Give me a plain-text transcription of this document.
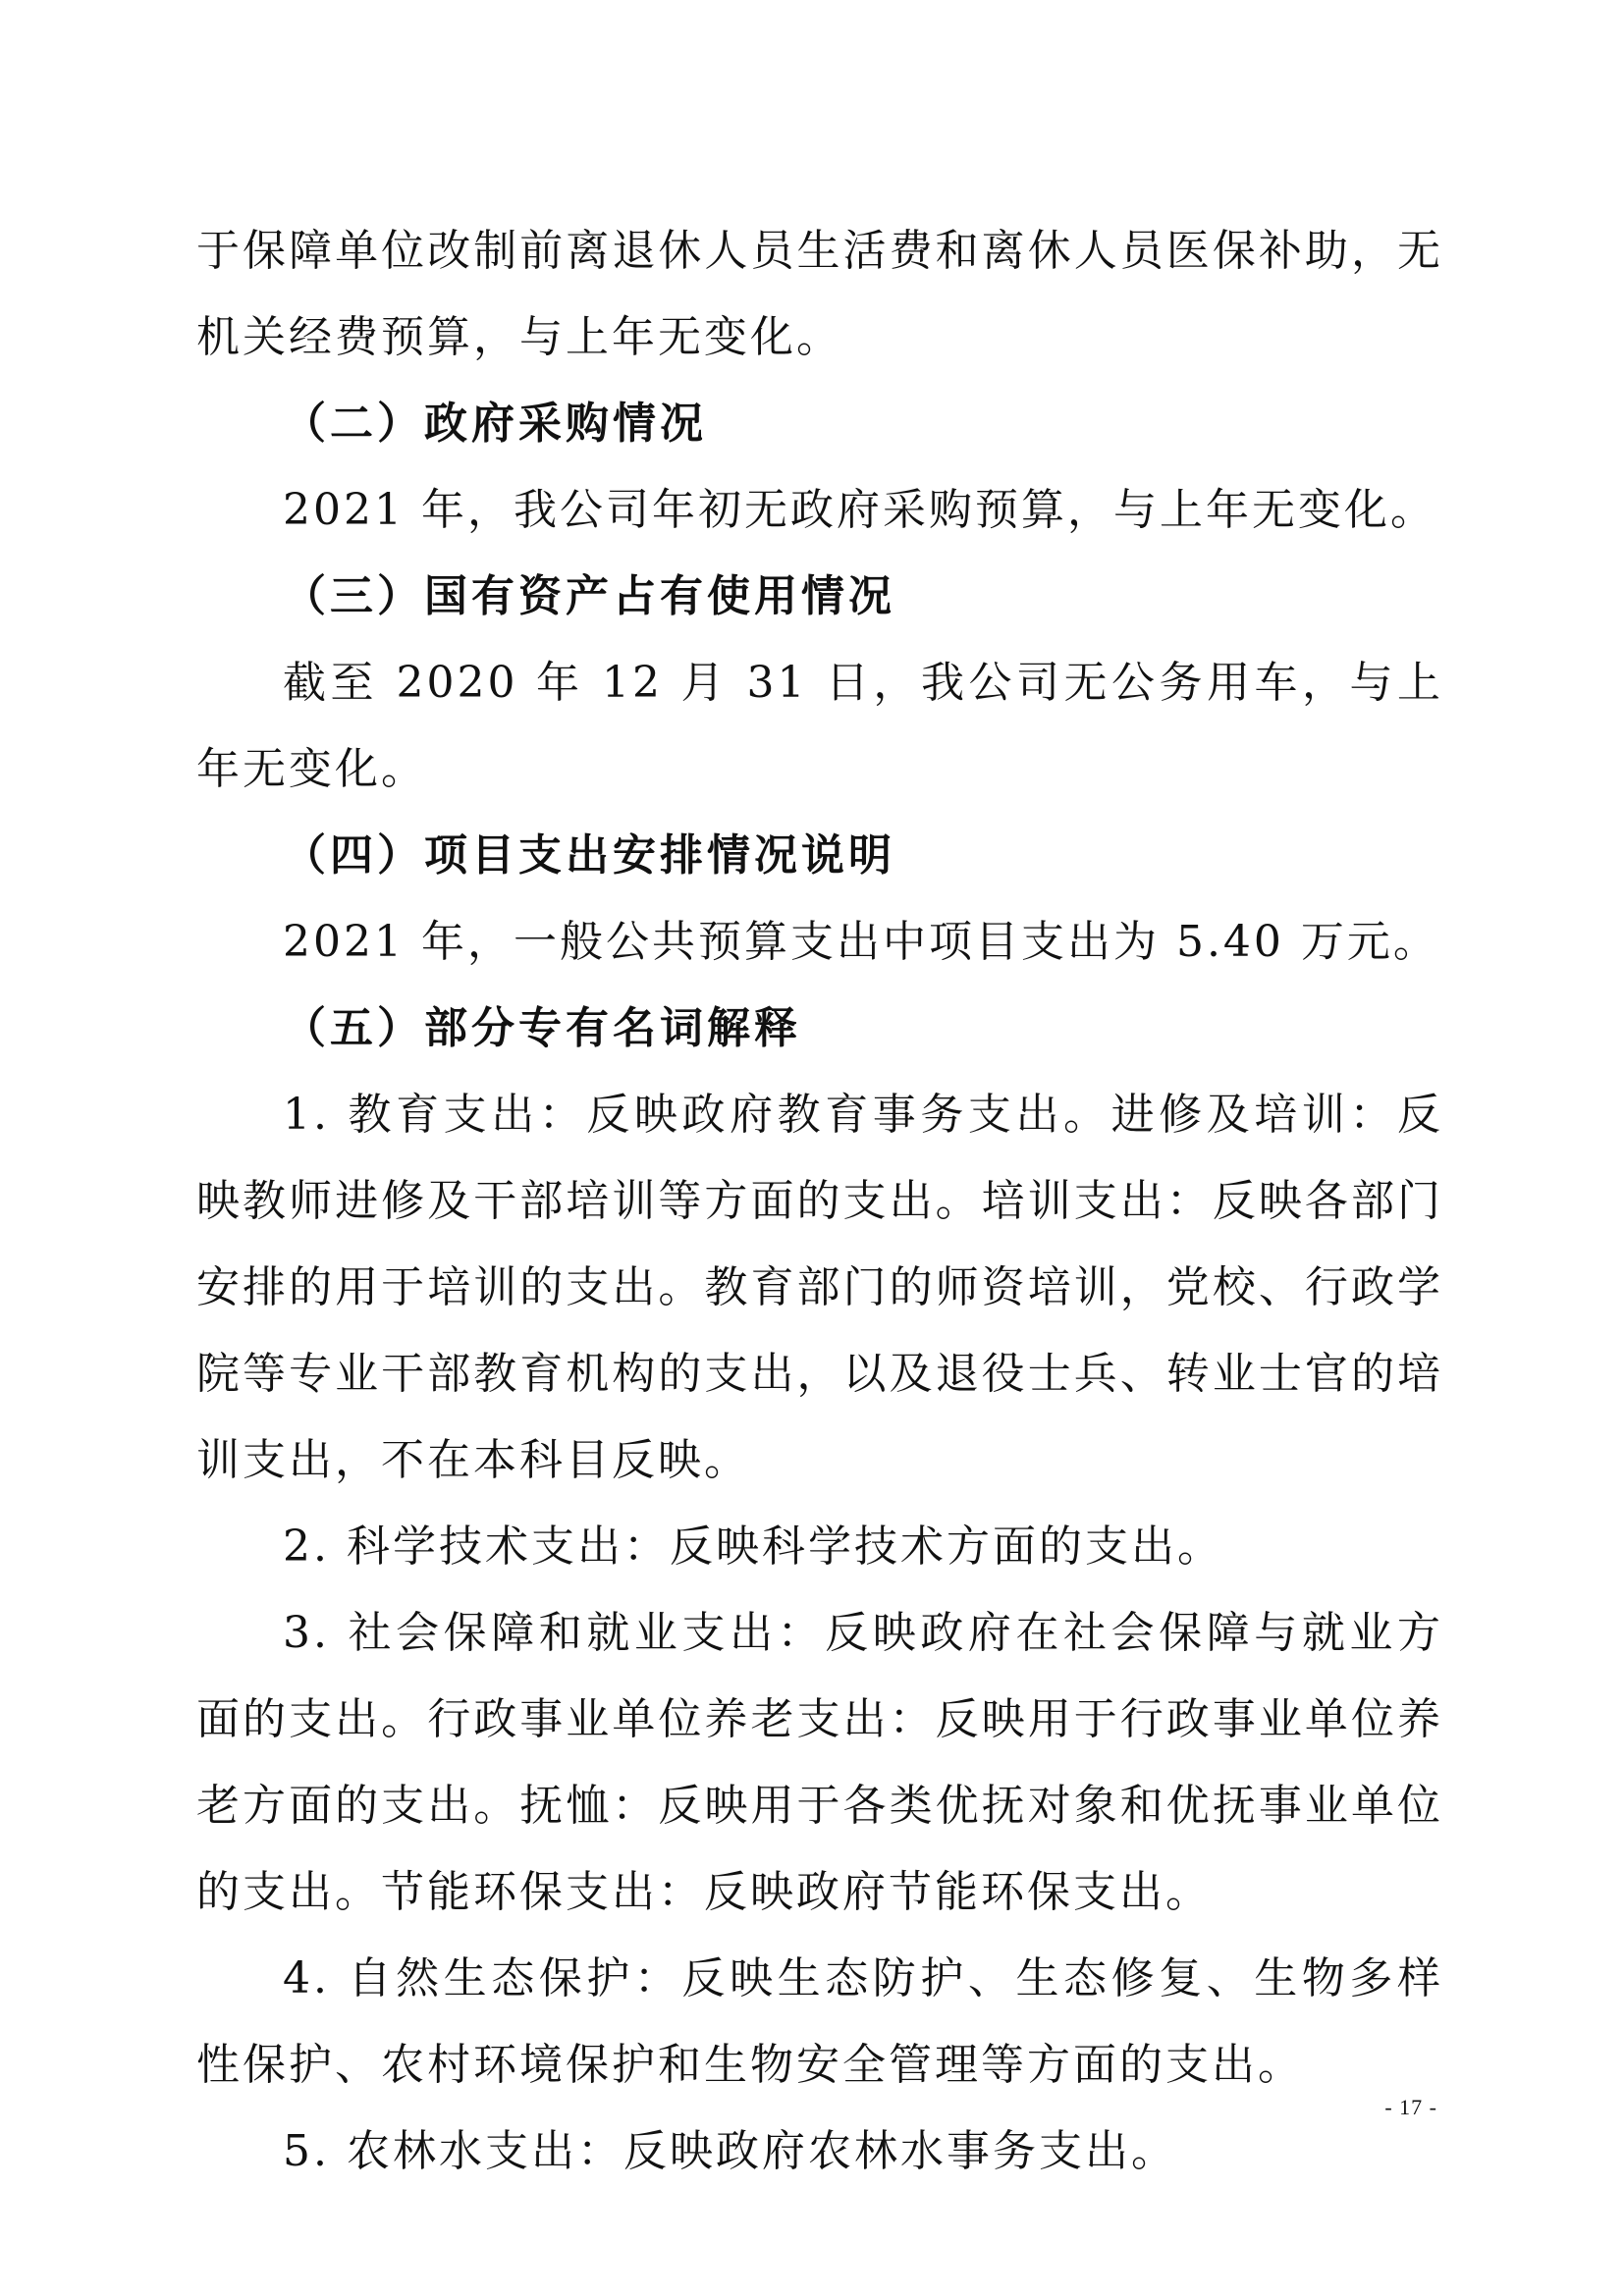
于保障单位改制前离退休人员生活费和离休人员医保补助，无机关经费预算，与上年无变化。

（二）政府采购情况

2021 年，我公司年初无政府采购预算，与上年无变化。

（三）国有资产占有使用情况

截至 2020 年 12 月 31 日，我公司无公务用车，与上年无变化。

（四）项目支出安排情况说明

2021 年，一般公共预算支出中项目支出为 5.40 万元。

（五）部分专有名词解释

1. 教育支出：反映政府教育事务支出。进修及培训：反映教师进修及干部培训等方面的支出。培训支出：反映各部门安排的用于培训的支出。教育部门的师资培训，党校、行政学院等专业干部教育机构的支出，以及退役士兵、转业士官的培训支出，不在本科目反映。

2. 科学技术支出：反映科学技术方面的支出。

3. 社会保障和就业支出：反映政府在社会保障与就业方面的支出。行政事业单位养老支出：反映用于行政事业单位养老方面的支出。抚恤：反映用于各类优抚对象和优抚事业单位的支出。节能环保支出：反映政府节能环保支出。

4. 自然生态保护：反映生态防护、生态修复、生物多样性保护、农村环境保护和生物安全管理等方面的支出。

5. 农林水支出：反映政府农林水事务支出。

- 17 -
